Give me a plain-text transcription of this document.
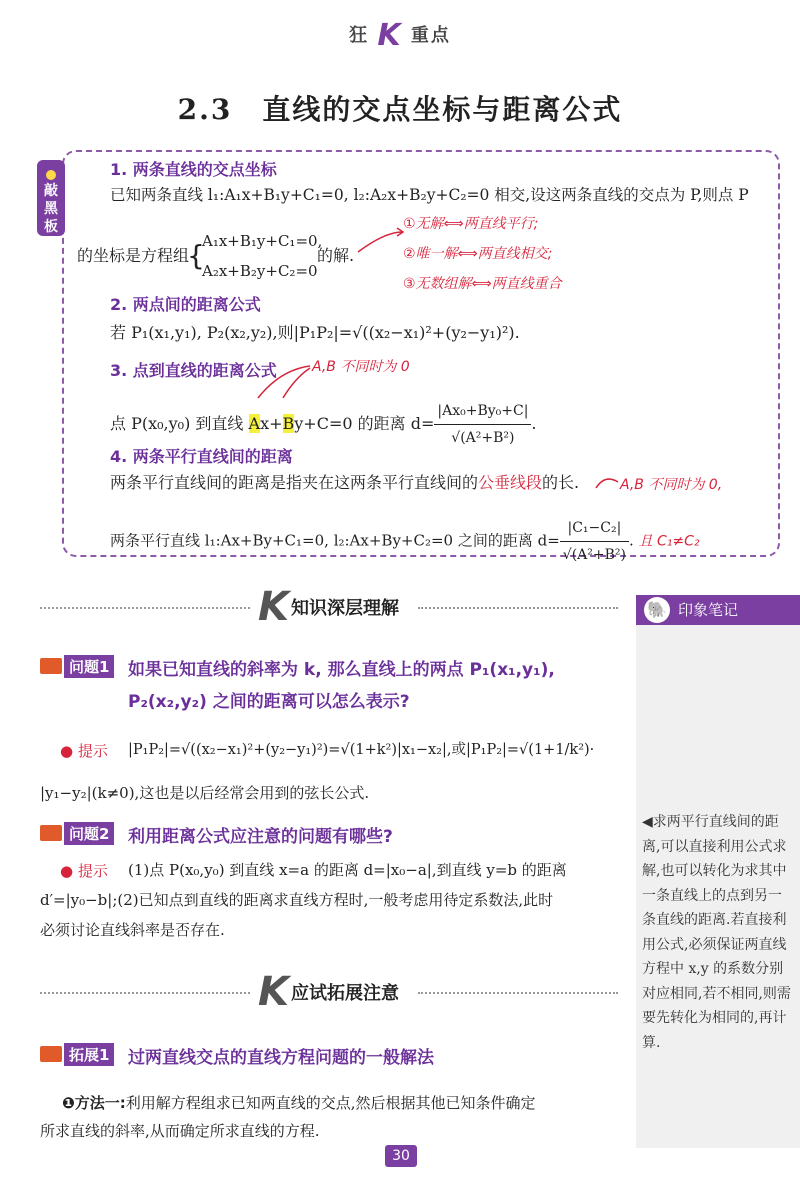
狂 K 重点
2.3　直线的交点坐标与距离公式
敲黑板
1. 两条直线的交点坐标
已知两条直线 l₁:A₁x+B₁y+C₁=0, l₂:A₂x+B₂y+C₂=0 相交,设这两条直线的交点为 P,则点 P
的坐标是方程组
{
A₁x+B₁y+C₁=0,
A₂x+B₂y+C₂=0
的解.
①无解⟺两直线平行;
②唯一解⟺两直线相交;
③无数组解⟺两直线重合
2. 两点间的距离公式
若 P₁(x₁,y₁), P₂(x₂,y₂),则|P₁P₂|=√((x₂−x₁)²+(y₂−y₁)²).
3. 点到直线的距离公式	A,B 不同时为 0
点 P(x₀,y₀) 到直线 Ax+By+C=0 的距离 $d= \frac{\text{|Ax₀+By₀+C|}}{\text{√(A²+B²)}}$ .
4. 两条平行直线间的距离
两条平行直线间的距离是指夹在这两条平行直线间的公垂线段的长.	A,B 不同时为 0,
两条平行直线 l₁:Ax+By+C₁=0, l₂:Ax+By+C₂=0 之间的距离 $d= \frac{\text{|C₁−C₂|}}{\text{√(A²+B²)}}$ . 且 C₁≠C₂
K知识深层理解	印象笔记
🐘
◀求两平行直线间的距离,可以直接利用公式求解,也可以转化为求其中一条直线上的点到另一条直线的距离.若直接利用公式,必须保证两直线方程中 x,y 的系数分别对应相同,若不相同,则需要先转化为相同的,再计算.
问题1 如果已知直线的斜率为 k, 那么直线上的两点 P₁(x₁,y₁),
P₂(x₂,y₂) 之间的距离可以怎么表示?
● 提示 |P₁P₂|=√((x₂−x₁)²+(y₂−y₁)²)=√(1+k²)|x₁−x₂|,或|P₁P₂|=√(1+1/k²)·
|y₁−y₂|(k≠0),这也是以后经常会用到的弦长公式.
问题2 利用距离公式应注意的问题有哪些?
● 提示 (1)点 P(x₀,y₀) 到直线 x=a 的距离 d=|x₀−a|,到直线 y=b 的距离
d′=|y₀−b|;(2)已知点到直线的距离求直线方程时,一般考虑用待定系数法,此时
必须讨论直线斜率是否存在.
K应试拓展注意
拓展1 过两直线交点的直线方程问题的一般解法
❶方法一:利用解方程组求已知两直线的交点,然后根据其他已知条件确定
所求直线的斜率,从而确定所求直线的方程.
30
